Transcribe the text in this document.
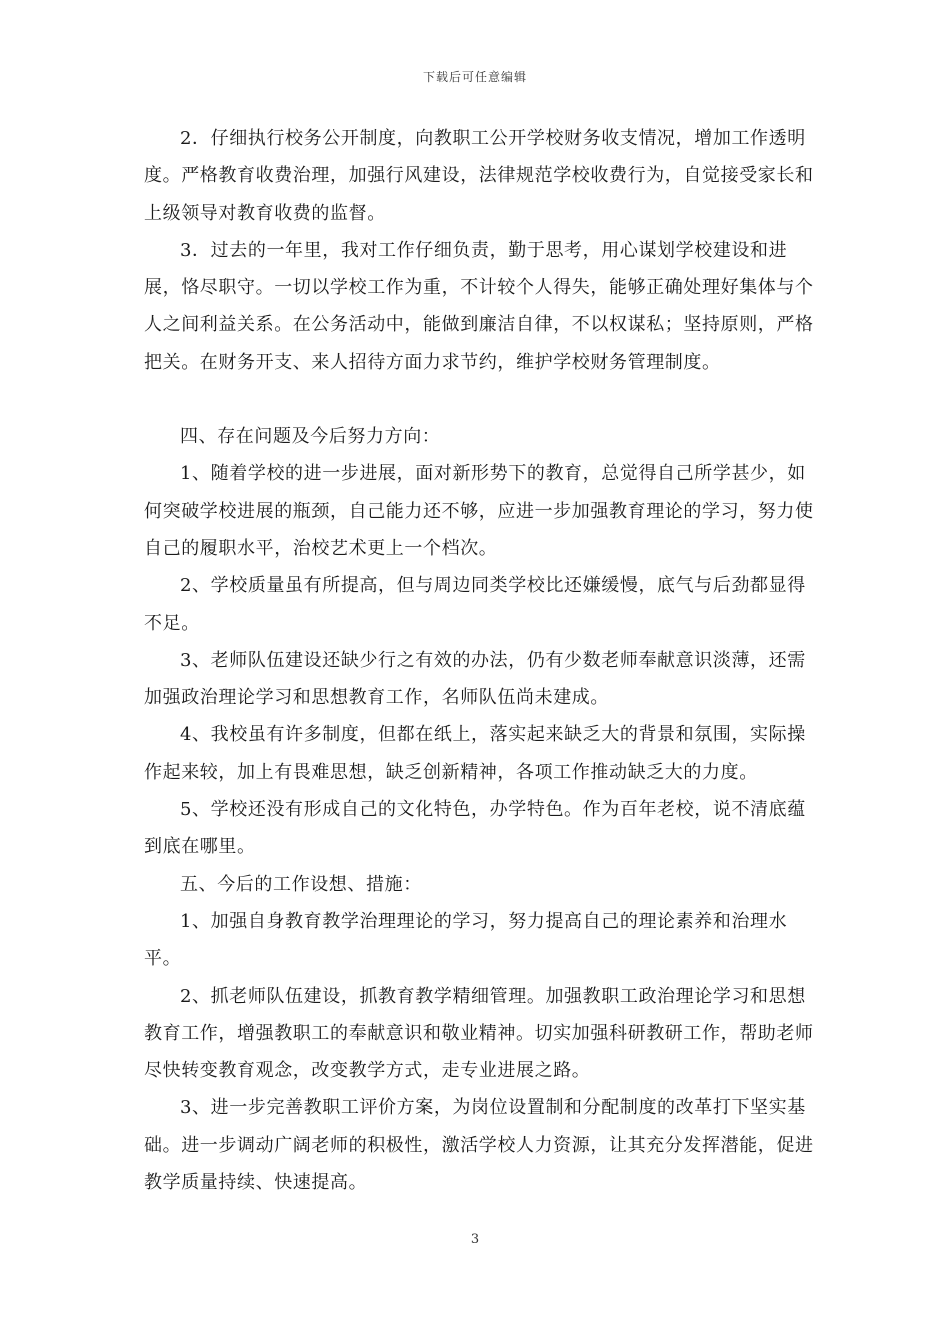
下载后可任意编辑

2．仔细执行校务公开制度，向教职工公开学校财务收支情况，增加工作透明度。严格教育收费治理，加强行风建设，法律规范学校收费行为，自觉接受家长和上级领导对教育收费的监督。

3．过去的一年里，我对工作仔细负责，勤于思考，用心谋划学校建设和进展，恪尽职守。一切以学校工作为重，不计较个人得失，能够正确处理好集体与个人之间利益关系。在公务活动中，能做到廉洁自律，不以权谋私；坚持原则，严格把关。在财务开支、来人招待方面力求节约，维护学校财务管理制度。

四、存在问题及今后努力方向：

1、随着学校的进一步进展，面对新形势下的教育，总觉得自己所学甚少，如何突破学校进展的瓶颈，自己能力还不够，应进一步加强教育理论的学习，努力使自己的履职水平，治校艺术更上一个档次。

2、学校质量虽有所提高，但与周边同类学校比还嫌缓慢，底气与后劲都显得不足。

3、老师队伍建设还缺少行之有效的办法，仍有少数老师奉献意识淡薄，还需加强政治理论学习和思想教育工作，名师队伍尚未建成。

4、我校虽有许多制度，但都在纸上，落实起来缺乏大的背景和氛围，实际操作起来较，加上有畏难思想，缺乏创新精神，各项工作推动缺乏大的力度。

5、学校还没有形成自己的文化特色，办学特色。作为百年老校，说不清底蕴到底在哪里。

五、今后的工作设想、措施：

1、加强自身教育教学治理理论的学习，努力提高自己的理论素养和治理水平。

2、抓老师队伍建设，抓教育教学精细管理。加强教职工政治理论学习和思想教育工作，增强教职工的奉献意识和敬业精神。切实加强科研教研工作，帮助老师尽快转变教育观念，改变教学方式，走专业进展之路。

3、进一步完善教职工评价方案，为岗位设置制和分配制度的改革打下坚实基础。进一步调动广阔老师的积极性，激活学校人力资源，让其充分发挥潜能，促进教学质量持续、快速提高。

3
